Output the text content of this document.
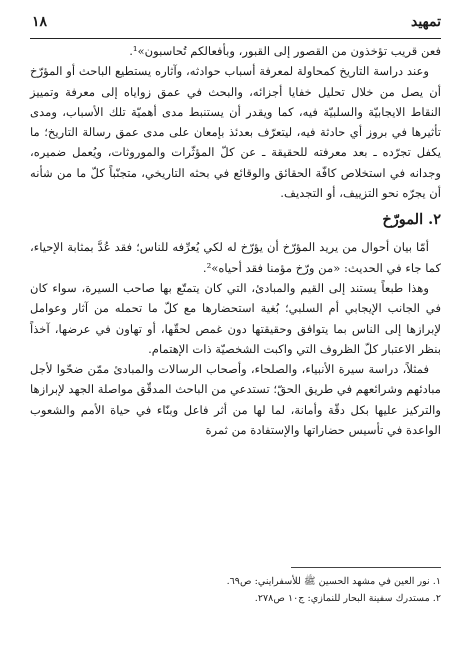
تمهيد
١٨

فعن قريب تؤخذون من القصور إلى القبور، وبأفعالكم تُحاسبون»¹.

وعند دراسة التاريخ كمحاولة لمعرفة أسباب حوادثه، وآثاره يستطيع الباحث أو المؤرّخ أن يصل من خلال تحليل خفايا أجزائه، والبحث في عمق زواياه إلى معرفة وتمييز النقاط الايجابيّة والسلبيّة فيه، كما ويقدر أن يستنبط مدى أهميّة تلك الأسباب، ومدى تأثيرها في بروز أي حادثة فيه، ليتعرّف بعدئذ بإمعان على مدى عمق رسالة التاريخ؛ ما يكفل تجرّده ـ بعد معرفته للحقيقة ـ عن كلّ المؤثّرات والموروثات، ويُعمل ضميره، وجدانه في استخلاص كافّة الحقائق والوقائع في بحثه التاريخي، متجنّباً كلّ ما من شأنه أن يجرّه نحو التزييف، أو التجديف.

٢. المورّخ

أمّا بيان أحوال من يريد المؤرّخ أن يؤرّخ له لكي يُعرِّفه للناس؛ فقد عُدَّ بمثابة الإحياء، كما جاء في الحديث: «من ورّخ مؤمنا فقد أحياه»².

وهذا طبعاً يستند إلى القيم والمبادئ، التي كان يتمتّع بها صاحب السيرة، سواء كان في الجانب الإيجابي أم السلبي؛ بُغية استحضارها مع كلّ ما تحمله من آثار وعوامل لإبرازها إلى الناس بما يتوافق وحقيقتها دون غمص لحقّها، أو تهاون في عرضها، آخذاً بنظر الاعتبار كلّ الظروف التي واكبت الشخصيّة ذات الإهتمام.

فمثلاً، دراسة سيرة الأنبياء، والصلحاء، وأصحاب الرسالات والمبادئ ممّن ضحّوا لأجل مبادئهم وشرائعهم في طريق الحقّ؛ تستدعي من الباحث المدقّق مواصلة الجهد لإبرازها والتركيز عليها بكل دقّة وأمانة، لما لها من أثر فاعل وبنّاء في حياة الأمم والشعوب الواعدة في تأسيس حضاراتها والإستفادة من ثمرة

١. نور العين في مشهد الحسين ﷺ للأسفرايني: ص٦٩.

٢. مستدرك سفينة البحار للنمازي: ج١٠ ص٢٧٨.
